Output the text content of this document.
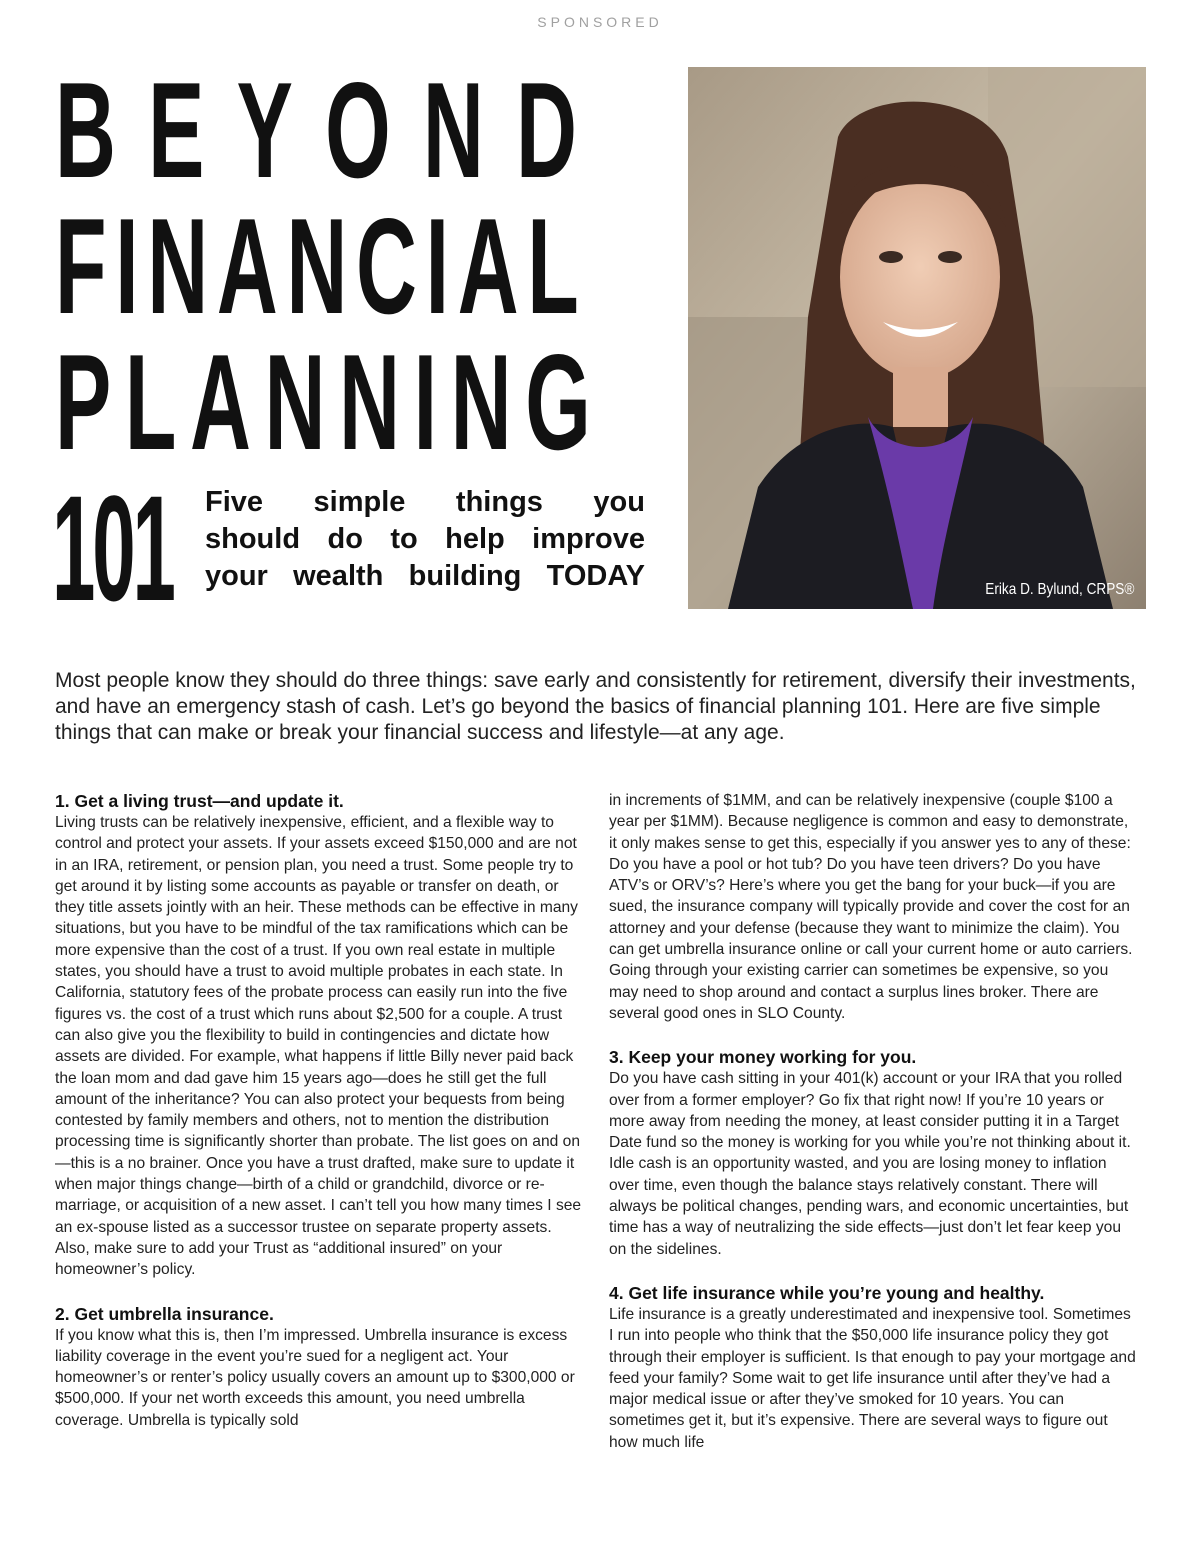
SPONSORED
BEYOND
FINANCIAL
PLANNING
101 Five simple things you
should do to help improve
your wealth building TODAY	Erika D. Bylund, CRPS®
Most people know they should do three things: save early and consistently for retirement, diversify their investments, and have an emergency stash of cash. Let’s go beyond the basics of financial planning 101. Here are five simple things that can make or break your financial success and lifestyle—at any age.

1. Get a living trust—and update it.

Living trusts can be relatively inexpensive, efficient, and a flexible way to control and protect your assets. If your assets exceed $150,000 and are not in an IRA, retirement, or pension plan, you need a trust. Some people try to get around it by listing some accounts as payable or transfer on death, or they title assets jointly with an heir. These methods can be effective in many situations, but you have to be mindful of the tax ramifications which can be more expensive than the cost of a trust. If you own real estate in multiple states, you should have a trust to avoid multiple probates in each state. In California, statutory fees of the probate process can easily run into the five figures vs. the cost of a trust which runs about $2,500 for a couple. A trust can also give you the flexibility to build in contingencies and dictate how assets are divided. For example, what happens if little Billy never paid back the loan mom and dad gave him 15 years ago—does he still get the full amount of the inheritance? You can also protect your bequests from being contested by family members and others, not to mention the distribution processing time is significantly shorter than probate. The list goes on and on—this is a no brainer. Once you have a trust drafted, make sure to update it when major things change—birth of a child or grandchild, divorce or re-marriage, or acquisition of a new asset. I can’t tell you how many times I see an ex-spouse listed as a successor trustee on separate property assets. Also, make sure to add your Trust as “additional insured” on your homeowner’s policy.

2. Get umbrella insurance.

If you know what this is, then I’m impressed. Umbrella insurance is excess liability coverage in the event you’re sued for a negligent act. Your homeowner’s or renter’s policy usually covers an amount up to $300,000 or $500,000. If your net worth exceeds this amount, you need umbrella coverage. Umbrella is typically sold

in increments of $1MM, and can be relatively inexpensive (couple $100 a year per $1MM). Because negligence is common and easy to demonstrate, it only makes sense to get this, especially if you answer yes to any of these: Do you have a pool or hot tub? Do you have teen drivers? Do you have ATV’s or ORV’s? Here’s where you get the bang for your buck—if you are sued, the insurance company will typically provide and cover the cost for an attorney and your defense (because they want to minimize the claim). You can get umbrella insurance online or call your current home or auto carriers. Going through your existing carrier can sometimes be expensive, so you may need to shop around and contact a surplus lines broker. There are several good ones in SLO County.

3. Keep your money working for you.

Do you have cash sitting in your 401(k) account or your IRA that you rolled over from a former employer? Go fix that right now! If you’re 10 years or more away from needing the money, at least consider putting it in a Target Date fund so the money is working for you while you’re not thinking about it. Idle cash is an opportunity wasted, and you are losing money to inflation over time, even though the balance stays relatively constant. There will always be political changes, pending wars, and economic uncertainties, but time has a way of neutralizing the side effects—just don’t let fear keep you on the sidelines.

4. Get life insurance while you’re young and healthy.

Life insurance is a greatly underestimated and inexpensive tool. Sometimes I run into people who think that the $50,000 life insurance policy they got through their employer is sufficient. Is that enough to pay your mortgage and feed your family? Some wait to get life insurance until after they’ve had a major medical issue or after they’ve smoked for 10 years. You can sometimes get it, but it’s expensive. There are several ways to figure out how much life
